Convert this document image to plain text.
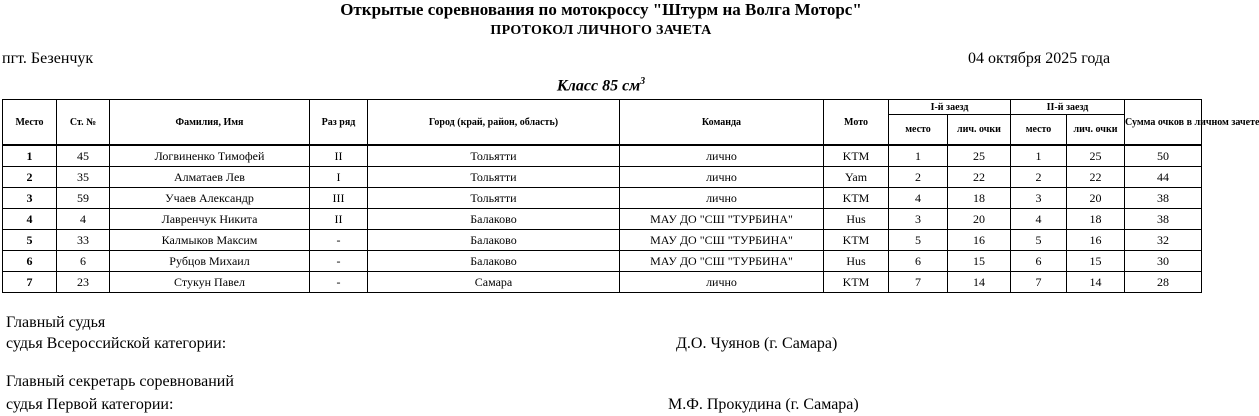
Открытые соревнования по мотокроссу "Штурм на Волга Моторс"
ПРОТОКОЛ ЛИЧНОГО ЗАЧЕТА
пгт. Безенчук	04 октября 2025 года
Класс 85 $см^3$
Место	Ст. №	Фамилия, Имя	Раз ряд	Город (край, район, область)	Команда	Мото	I-й заезд		II-й заезд		Сумма очков в личном зачете
							место	лич. очки	место	лич. очки	
1	45	Логвиненко Тимофей	II	Тольятти	лично	KTM	1	25	1	25	50
2	35	Алматаев Лев	I	Тольятти	лично	Yam	2	22	2	22	44
3	59	Учаев Александр	III	Тольятти	лично	KTM	4	18	3	20	38
4	4	Лавренчук Никита	II	Балаково	МАУ ДО "СШ "ТУРБИНА"	Hus	3	20	4	18	38
5	33	Калмыков Максим	-	Балаково	МАУ ДО "СШ "ТУРБИНА"	KTM	5	16	5	16	32
6	6	Рубцов Михаил	-	Балаково	МАУ ДО "СШ "ТУРБИНА"	Hus	6	15	6	15	30
7	23	Стукун Павел	-	Самара	лично	KTM	7	14	7	14	28
Главный судья
судья Всероссийской категории:	Д.О. Чуянов (г. Самара)
Главный секретарь соревнований
судья Первой категории:	М.Ф. Прокудина (г. Самара)
